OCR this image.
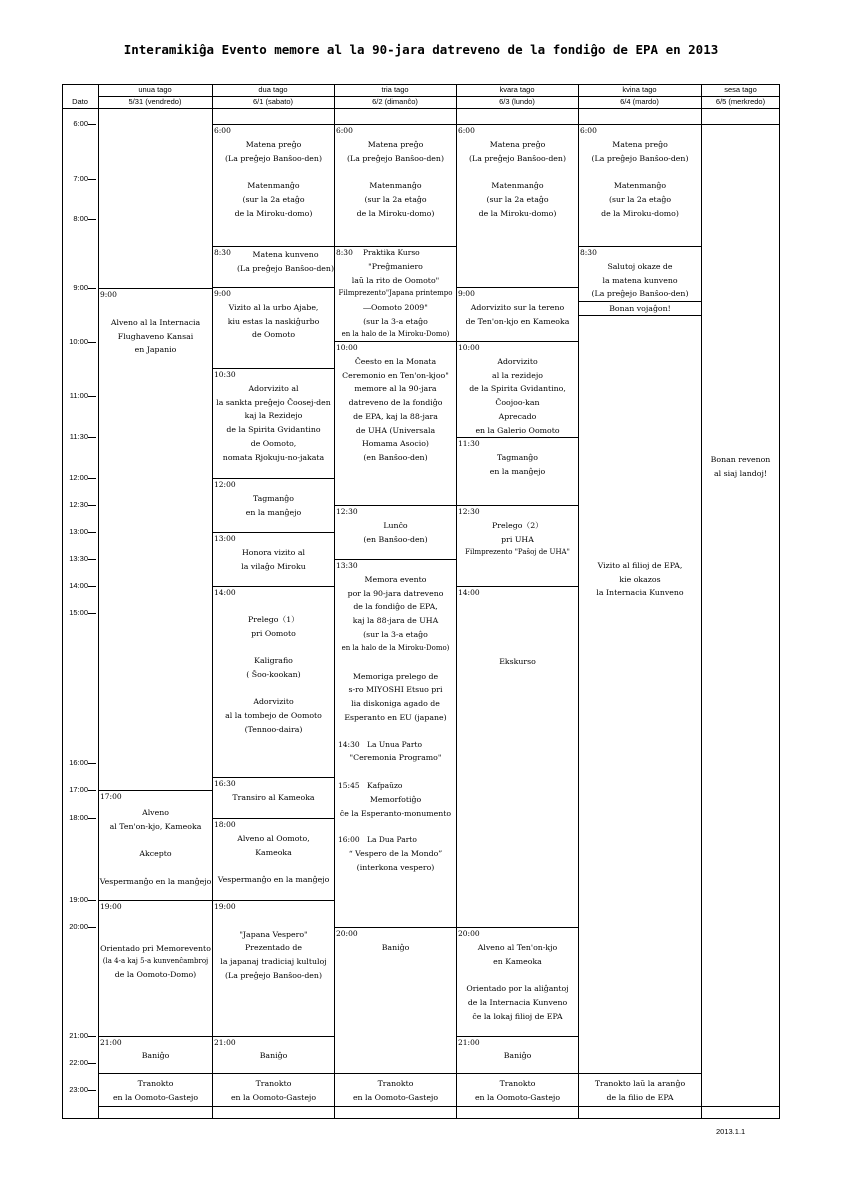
Interamikiĝa Evento memore al la 90-jara datreveno de la fondiĝo de EPA en 2013
Dato
unua tago
5/31 (vendredo)
dua tago
6/1 (sabato)
tria tago
6/2 (dimanĉo)
kvara tago
6/3 (lundo)
kvina tago
6/4 (mardo)
sesa tago
6/5 (merkredo)
6:00
7:00
8:00
9:00
10:00
11:00
11:30
12:00
12:30
13:00
13:30
14:00
15:00
16:00
17:00
18:00
19:00
20:00
21:00
22:00
23:00
9:00
Alveno al la Internacia
Flughaveno Kansai
en Japanio
17:00
Alveno
al Ten'on-kjo, Kameoka

Akcepto

Vespermanĝo en la manĝejo
19:00

Orientado pri Memorevento
(la 4-a kaj 5-a kunvenĉambroj
de la Oomoto-Domo)
21:00
Baniĝo
Tranokto
en la Oomoto-Gastejo
6:00
Matena preĝo
(La preĝejo Banŝoo-den)

Matenmanĝo
(sur la 2a etaĝo
de la Miroku-domo)
8:30	Matena kunveno
(La preĝejo Banŝoo-den)
9:00
Vizito al la urbo Ajabe,
kiu estas la naskiĝurbo
de Oomoto
10:30
Adorvizito al
la sankta preĝejo Ĉoosej-den
kaj la Rezidejo
de la Spirita Gvidantino
de Oomoto,
nomata Rjokuju-no-jakata
12:00
Tagmanĝo
en la manĝejo
13:00
Honora vizito al
la vilaĝo Miroku
14:00
Prelego（1）
pri Oomoto

Kaligrafio
( Ŝoo-kookan)

Adorvizito
al la tombejo de Oomoto
(Tennoo-daira)
16:30
Transiro al Kameoka
18:00
Alveno al Oomoto,
Kameoka

Vespermanĝo en la manĝejo
19:00

"Japana Vespero"
Prezentado de
la japanaj tradiciaj kultuloj
(La preĝejo Banŝoo-den)
21:00
Baniĝo
Tranokto
en la Oomoto-Gastejo
6:00
Matena preĝo
(La preĝejo Banŝoo-den)

Matenmanĝo
(sur la 2a etaĝo
de la Miroku-domo)
8:30 Praktika Kurso
"Preĝmaniero
laŭ la rito de Oomoto"
Filmprezento"Japana printempo
―Oomoto 2009"
(sur la 3-a etaĝo
en la halo de la Miroku-Domo)
10:00
Ĉeesto en la Monata
Ceremonio en Ten'on-kjoo"
memore al la 90-jara
datreveno de la fondiĝo
de EPA, kaj la 88-jara
de UHA (Universala
Homama Asocio)
(en Banŝoo-den)
12:30
Lunĉo
(en Banŝoo-den)
13:30
Memora evento
por la 90-jara datreveno
de la fondiĝo de EPA,
kaj la 88-jara de UHA
(sur la 3-a etaĝo
en la halo de la Miroku-Domo)

Memoriga prelego de
s-ro MIYOSHI Etsuo pri
lia diskoniga agado de
Esperanto en EU (japane)
14:30 La Unua Parto
"Ceremonia Programo"
15:45 Kafpaŭzo
Memorfotiĝo
ĉe la Esperanto-monumento
16:00 La Dua Parto
“ Vespero de la Mondo”
(interkona vespero)
20:00
Baniĝo
Tranokto
en la Oomoto-Gastejo
6:00
Matena preĝo
(La preĝejo Banŝoo-den)

Matenmanĝo
(sur la 2a etaĝo
de la Miroku-domo)
9:00
Adorvizito sur la tereno
de Ten'on-kjo en Kameoka
10:00
Adorvizito
al la rezidejo
de la Spirita Gvidantino,
Ĉoojoo-kan
Aprecado
en la Galerio Oomoto
11:30
Tagmanĝo
en la manĝejo
12:30
Prelego（2）
pri UHA
Filmprezento "Paŝoj de UHA"
14:00

Ekskurso
20:00
Alveno al Ten'on-kjo
en Kameoka

Orientado por la aliĝantoj
de la Internacia Kunveno
ĉe la lokaj filioj de EPA
21:00
Baniĝo
Tranokto
en la Oomoto-Gastejo
6:00
Matena preĝo
(La preĝejo Banŝoo-den)

Matenmanĝo
(sur la 2a etaĝo
de la Miroku-domo)
8:30
Salutoj okaze de
la matena kunveno
(La preĝejo Banŝoo-den)
Bonan vojaĝon!
Vizito al filioj de EPA,
kie okazos
la Internacia Kunveno
Tranokto laŭ la aranĝo
de la filio de EPA
Bonan revenon
al siaj landoj!
2013.1.1
